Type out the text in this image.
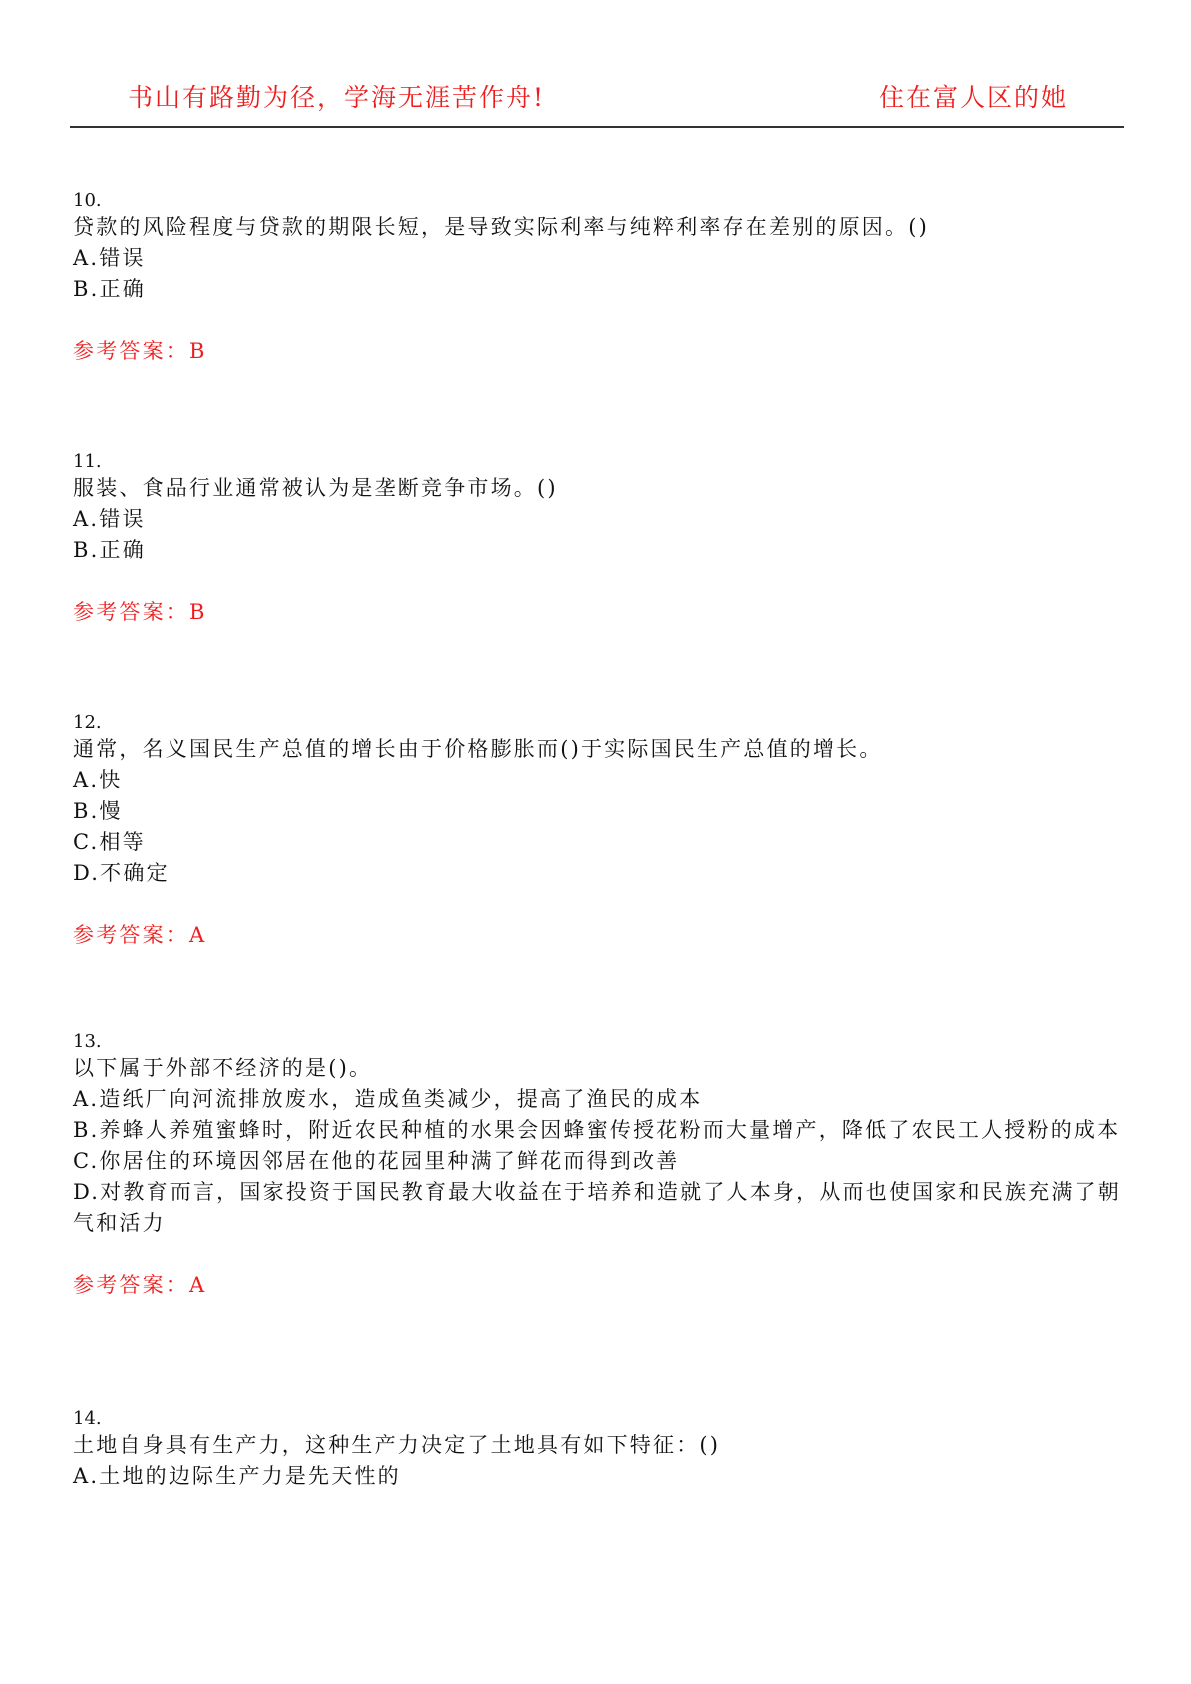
书山有路勤为径，学海无涯苦作舟!	住在富人区的她
10.
贷款的风险程度与贷款的期限长短，是导致实际利率与纯粹利率存在差别的原因。()
A.错误
B.正确
参考答案：B
11.
服装、食品行业通常被认为是垄断竞争市场。()
A.错误
B.正确
参考答案：B
12.
通常，名义国民生产总值的增长由于价格膨胀而()于实际国民生产总值的增长。
A.快
B.慢
C.相等
D.不确定
参考答案：A
13.
以下属于外部不经济的是()。
A.造纸厂向河流排放废水，造成鱼类减少，提高了渔民的成本
B.养蜂人养殖蜜蜂时，附近农民种植的水果会因蜂蜜传授花粉而大量增产，降低了农民工人授粉的成本
C.你居住的环境因邻居在他的花园里种满了鲜花而得到改善
D.对教育而言，国家投资于国民教育最大收益在于培养和造就了人本身，从而也使国家和民族充满了朝气和活力
参考答案：A
14.
土地自身具有生产力，这种生产力决定了土地具有如下特征：()
A.土地的边际生产力是先天性的
